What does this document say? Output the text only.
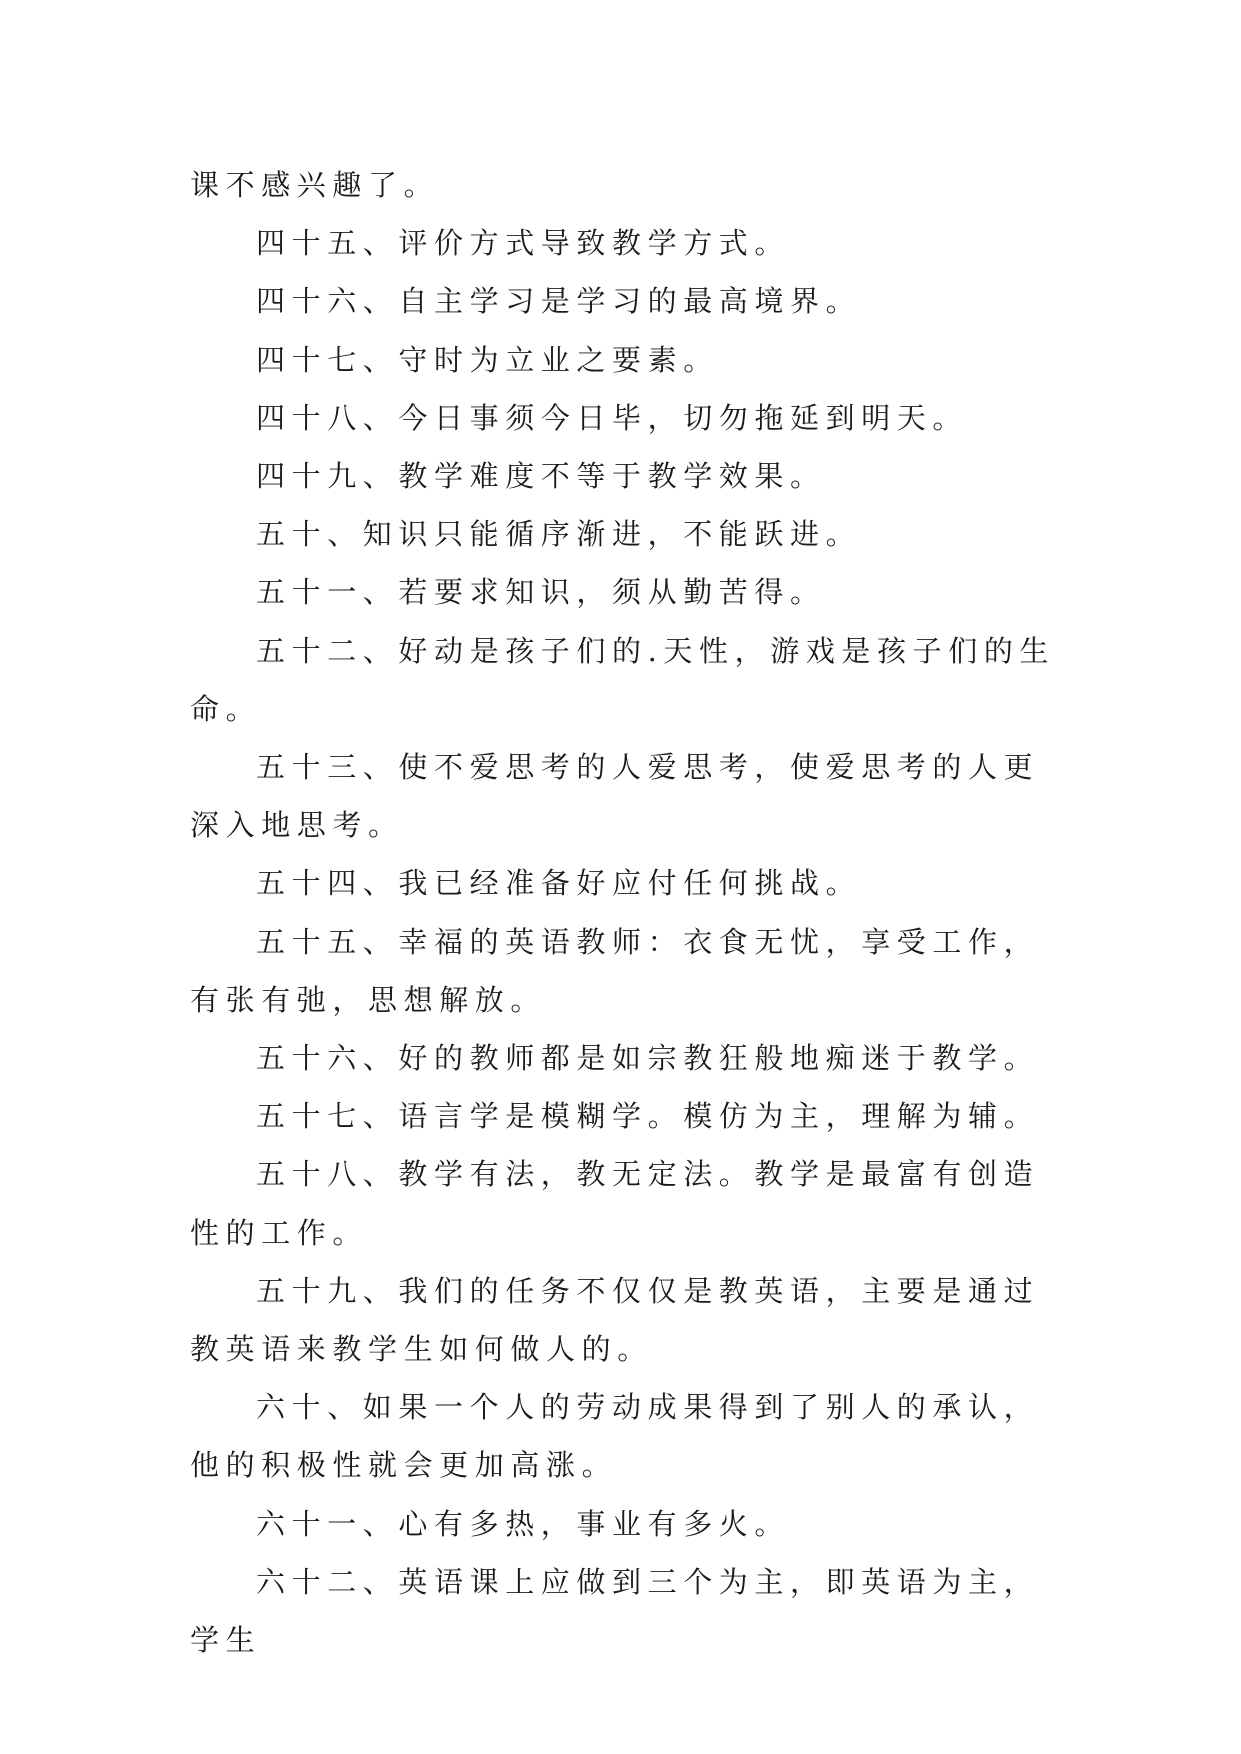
课不感兴趣了。

四十五、评价方式导致教学方式。

四十六、自主学习是学习的最高境界。

四十七、守时为立业之要素。

四十八、今日事须今日毕，切勿拖延到明天。

四十九、教学难度不等于教学效果。

五十、知识只能循序渐进，不能跃进。

五十一、若要求知识，须从勤苦得。

五十二、好动是孩子们的.天性，游戏是孩子们的生命。

五十三、使不爱思考的人爱思考，使爱思考的人更深入地思考。

五十四、我已经准备好应付任何挑战。

五十五、幸福的英语教师：衣食无忧，享受工作，有张有弛，思想解放。

五十六、好的教师都是如宗教狂般地痴迷于教学。

五十七、语言学是模糊学。模仿为主，理解为辅。

五十八、教学有法，教无定法。教学是最富有创造性的工作。

五十九、我们的任务不仅仅是教英语，主要是通过教英语来教学生如何做人的。

六十、如果一个人的劳动成果得到了别人的承认，他的积极性就会更加高涨。

六十一、心有多热，事业有多火。

六十二、英语课上应做到三个为主，即英语为主，学生
